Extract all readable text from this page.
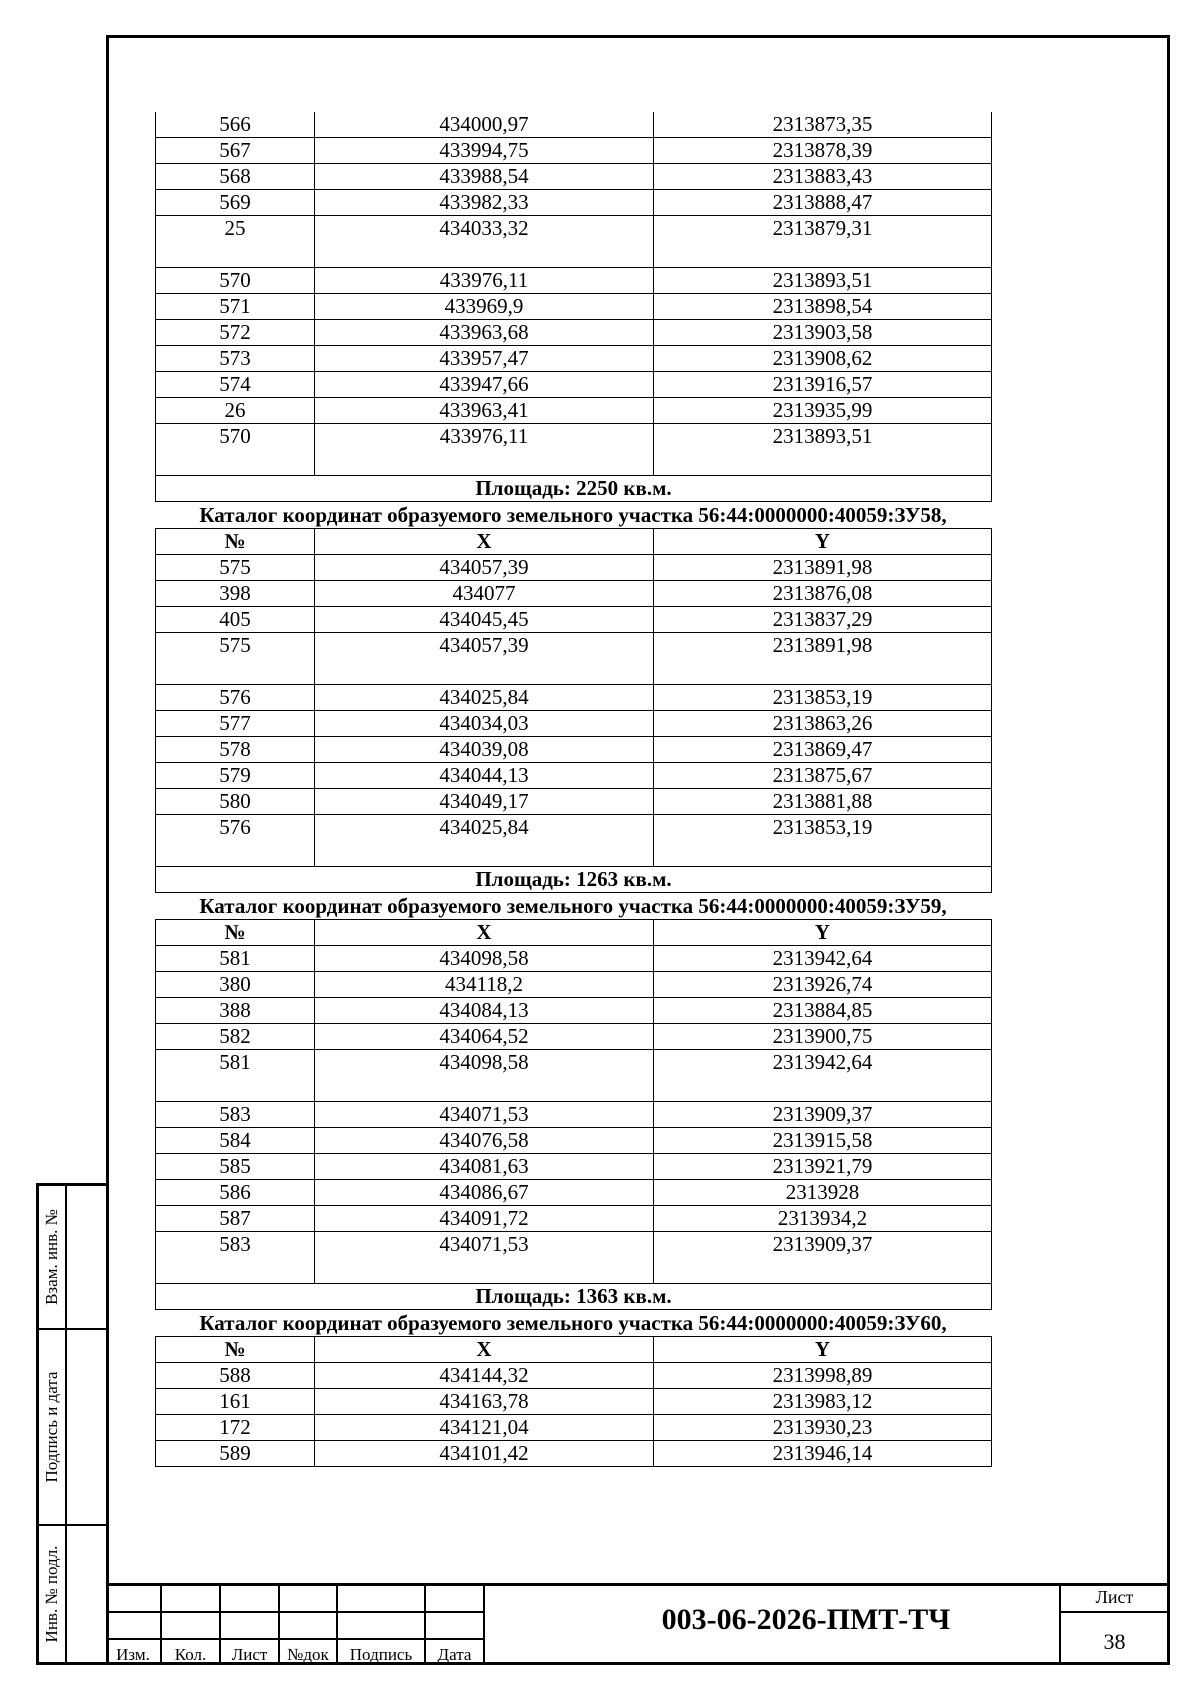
Взам. инв. №
Подпись и дата
Инв. № подл.
566	434000,97	2313873,35
567	433994,75	2313878,39
568	433988,54	2313883,43
569	433982,33	2313888,47
25	434033,32	2313879,31
570	433976,11	2313893,51
571	433969,9	2313898,54
572	433963,68	2313903,58
573	433957,47	2313908,62
574	433947,66	2313916,57
26	433963,41	2313935,99
570	433976,11	2313893,51
Площадь: 2250 кв.м.		
Каталог координат образуемого земельного участка 56:44:0000000:40059:ЗУ58,
№	X	Y
575	434057,39	2313891,98
398	434077	2313876,08
405	434045,45	2313837,29
575	434057,39	2313891,98
576	434025,84	2313853,19
577	434034,03	2313863,26
578	434039,08	2313869,47
579	434044,13	2313875,67
580	434049,17	2313881,88
576	434025,84	2313853,19
Площадь: 1263 кв.м.		
Каталог координат образуемого земельного участка 56:44:0000000:40059:ЗУ59,
№	X	Y
581	434098,58	2313942,64
380	434118,2	2313926,74
388	434084,13	2313884,85
582	434064,52	2313900,75
581	434098,58	2313942,64
583	434071,53	2313909,37
584	434076,58	2313915,58
585	434081,63	2313921,79
586	434086,67	2313928
587	434091,72	2313934,2
583	434071,53	2313909,37
Площадь: 1363 кв.м.		
Каталог координат образуемого земельного участка 56:44:0000000:40059:ЗУ60,
№	X	Y
588	434144,32	2313998,89
161	434163,78	2313983,12
172	434121,04	2313930,23
589	434101,42	2313946,14
Изм.	Кол.	Лист	№док	Подпись	Дата
003-06-2026-ПМТ-ТЧ
Лист
38
